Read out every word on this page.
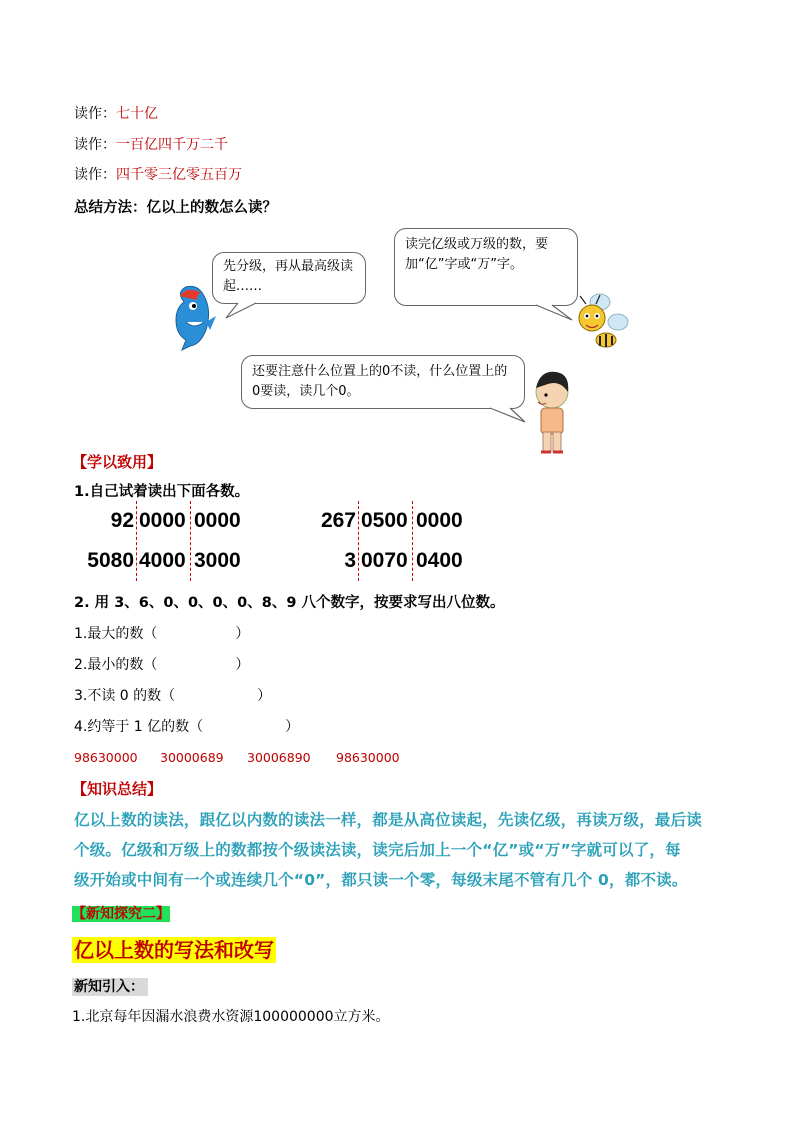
读作：七十亿
读作：一百亿四千万二千
读作：四千零三亿零五百万
总结方法：亿以上的数怎么读？
先分级，再从最高级读起……
读完亿级或万级的数，要加“亿”字或“万”字。
还要注意什么位置上的0不读，什么位置上的0要读，读几个0。
【学以致用】
1.自己试着读出下面各数。
92 0000 0000	267 0500 0000
5080 4000 3000	3 0070 0400
2. 用 3、6、0、0、0、0、8、9 八个数字，按要求写出八位数。
1.最大的数（	）
2.最小的数（	）
3.不读 0 的数（	）
4.约等于 1 亿的数（	）
98630000 30000689 30006890 98630000
【知识总结】
亿以上数的读法，跟亿以内数的读法一样，都是从高位读起，先读亿级，再读万级，最后读
个级。亿级和万级上的数都按个级读法读，读完后加上一个“亿”或“万”字就可以了，每
级开始或中间有一个或连续几个“0”，都只读一个零，每级末尾不管有几个 0，都不读。
【新知探究二】
亿以上数的写法和改写
新知引入：
1.北京每年因漏水浪费水资源100000000立方米。
